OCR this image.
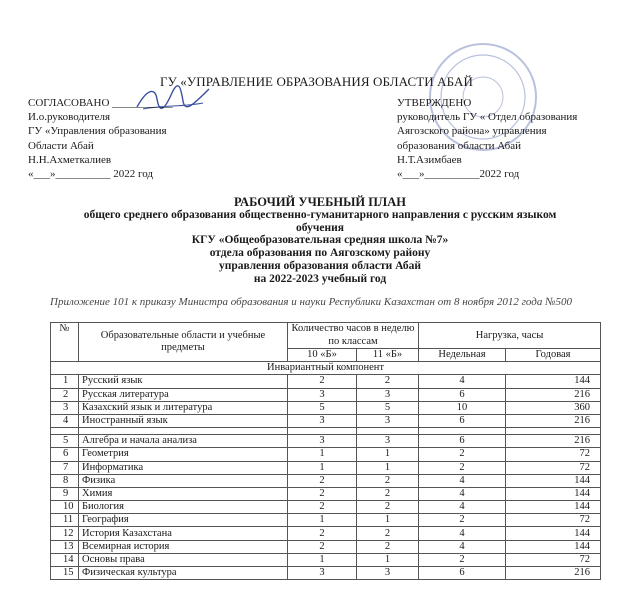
ГУ «УПРАВЛЕНИЕ ОБРАЗОВАНИЯ ОБЛАСТИ АБАЙ
СОГЛАСОВАНО ___________
И.о.руководителя
ГУ «Управления образования
Области Абай
Н.Н.Ахметкалиев
«___»__________ 2022 год
УТВЕРЖДЕНО
руководитель ГУ « Отдел образования
Аягозского района» управления
образования области Абай
Н.Т.Азимбаев
«___»__________2022 год
РАБОЧИЙ УЧЕБНЫЙ ПЛАН
общего среднего образования общественно-гуманитарного направления с русским языком
обучения
КГУ «Общеобразовательная средняя школа №7»
отдела образования по Аягозскому району
управления образования области Абай
на 2022-2023 учебный год
Приложение 101 к приказу Министра образования и науки Республики Казахстан от 8 ноября 2012 года №500
№	Образовательные области и учебные предметы	Количество часов в неделю по классам		Нагрузка, часы	
		10 «Б»	11 «Б»	Недельная	Годовая
Инвариантный компонент					
1	Русский язык	2	2	4	144
2	Русская литература	3	3	6	216
3	Казахский язык и литература	5	5	10	360
4	Иностранный язык	3	3	6	216

5	Алгебра и начала анализа	3	3	6	216
6	Геометрия	1	1	2	72
7	Информатика	1	1	2	72
8	Физика	2	2	4	144
9	Химия	2	2	4	144
10	Биология	2	2	4	144
11	География	1	1	2	72
12	История Казахстана	2	2	4	144
13	Всемирная история	2	2	4	144
14	Основы права	1	1	2	72
15	Физическая культура	3	3	6	216
